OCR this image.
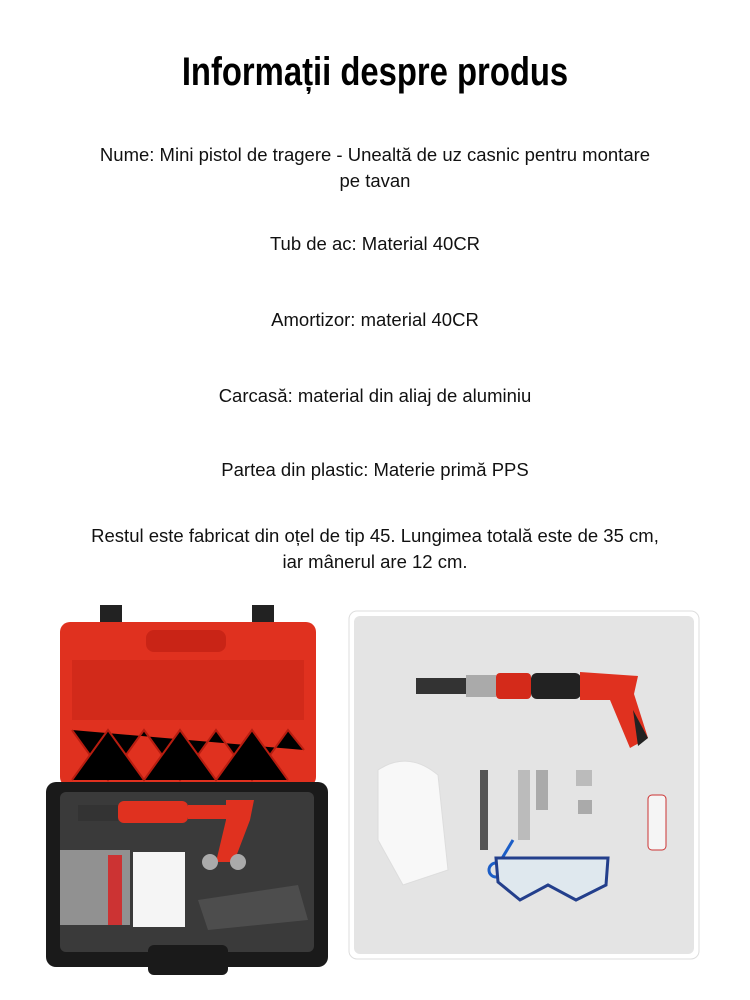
Informații despre produs
Nume: Mini pistol de tragere - Unealtă de uz casnic pentru montare pe tavan
Tub de ac: Material 40CR
Amortizor: material 40CR
Carcasă: material din aliaj de aluminiu
Partea din plastic: Materie primă PPS
Restul este fabricat din oțel de tip 45. Lungimea totală este de 35 cm, iar mânerul are 12 cm.
